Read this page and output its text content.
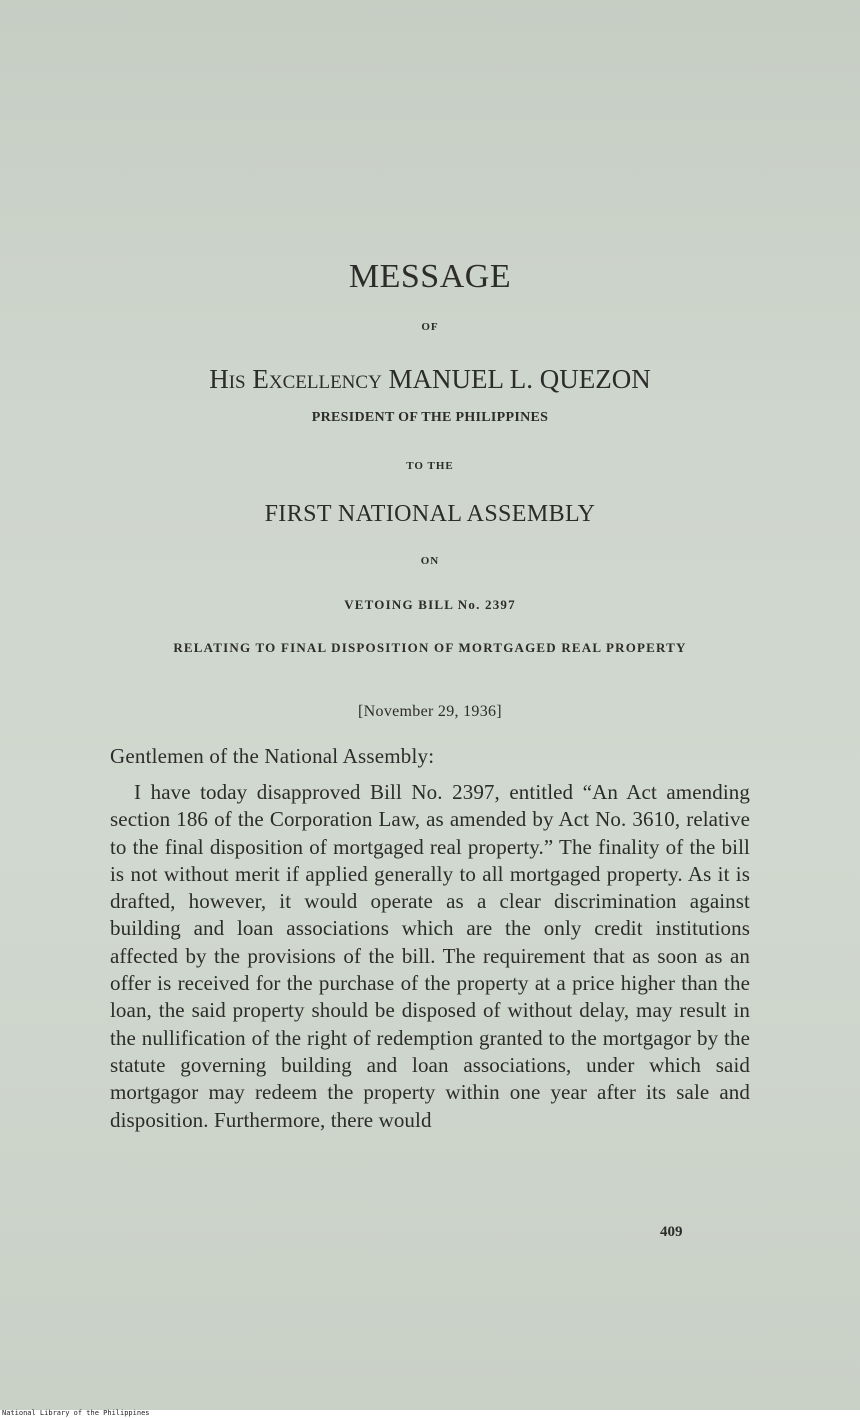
MESSAGE
OF
His Excellency MANUEL L. QUEZON
PRESIDENT OF THE PHILIPPINES
TO THE
FIRST NATIONAL ASSEMBLY
ON
VETOING BILL No. 2397
RELATING TO FINAL DISPOSITION OF MORTGAGED REAL PROPERTY
[November 29, 1936]
Gentlemen of the National Assembly:
I have today disapproved Bill No. 2397, entitled “An Act amending section 186 of the Corporation Law, as amended by Act No. 3610, relative to the final disposition of mortgaged real property.” The finality of the bill is not without merit if applied generally to all mortgaged property. As it is drafted, however, it would operate as a clear discrimination against building and loan associations which are the only credit institutions affected by the provisions of the bill. The requirement that as soon as an offer is received for the purchase of the property at a price higher than the loan, the said property should be disposed of without delay, may result in the nullification of the right of redemption granted to the mortgagor by the statute governing building and loan associations, under which said mortgagor may redeem the property within one year after its sale and disposition. Furthermore, there would
409
National Library of the Philippines
